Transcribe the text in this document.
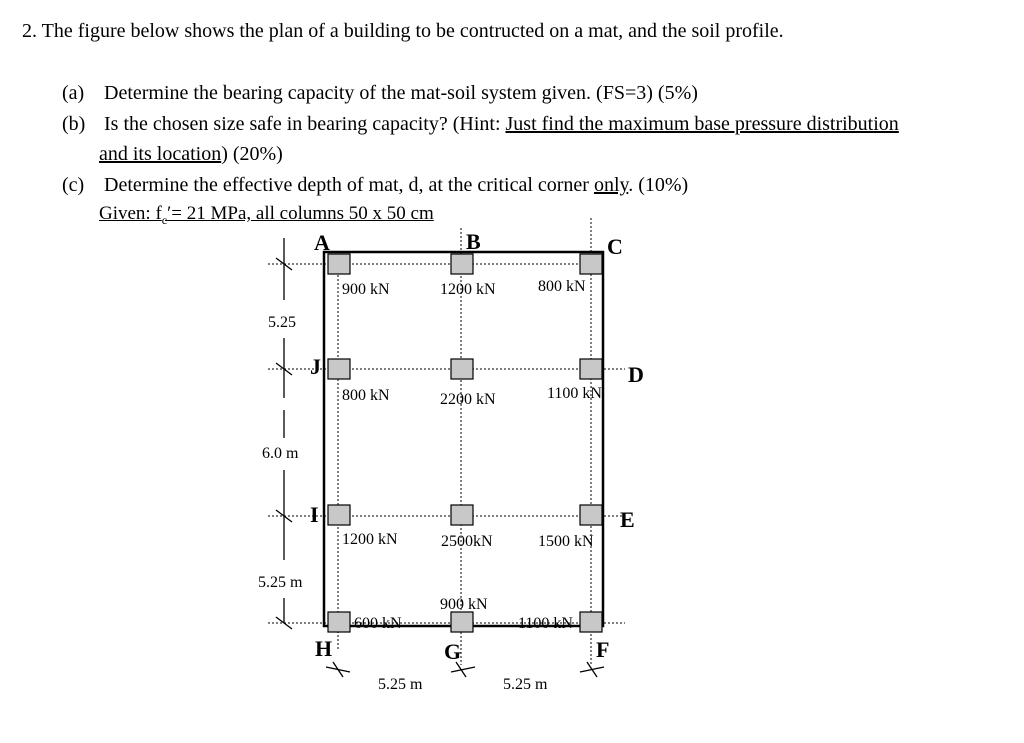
2. The figure below shows the plan of a building to be contructed on a mat, and the soil profile.
(a) Determine the bearing capacity of the mat-soil system given. (FS=3) (5%)
(b) Is the chosen size safe in bearing capacity? (Hint: Just find the maximum base pressure distribution
and its location) (20%)
(c) Determine the effective depth of mat, d, at the critical corner only. (10%)
Given: $f_c'= 21$ MPa, all columns 50 x 50 cm
A	B	C
D
E
F
G
H
I
J
900 kN	1200 kN	800 kN
800 kN	2200 kN	1100 kN
1200 kN	2500kN	1500 kN
600 kN
900 kN
1100 kN
5.25
6.0 m
5.25 m
5.25 m	5.25 m
